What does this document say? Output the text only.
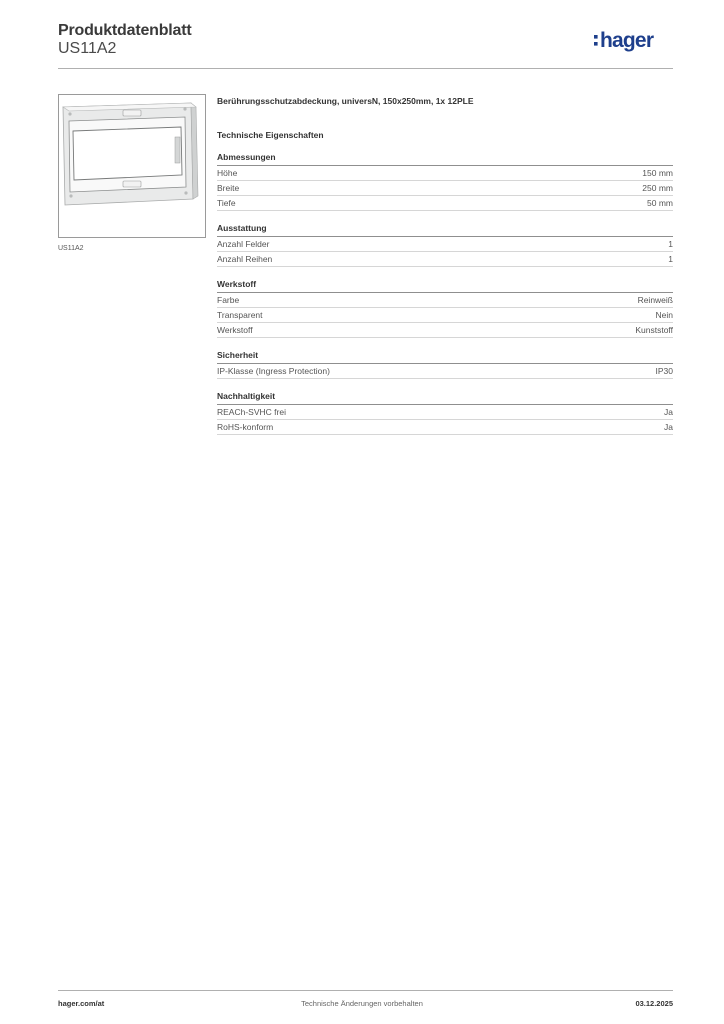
Produktdatenblatt
US11A2	hager
US11A2
Berührungsschutzabdeckung, universN, 150x250mm, 1x 12PLE
Technische Eigenschaften
Abmessungen
Höhe	150 mm
Breite	250 mm
Tiefe	50 mm
Ausstattung
Anzahl Felder	1
Anzahl Reihen	1
Werkstoff
Farbe	Reinweiß
Transparent	Nein
Werkstoff	Kunststoff
Sicherheit
IP-Klasse (Ingress Protection)	IP30
Nachhaltigkeit
REACh-SVHC frei	Ja
RoHS-konform	Ja
hager.com/at	Technische Änderungen vorbehalten	03.12.2025
